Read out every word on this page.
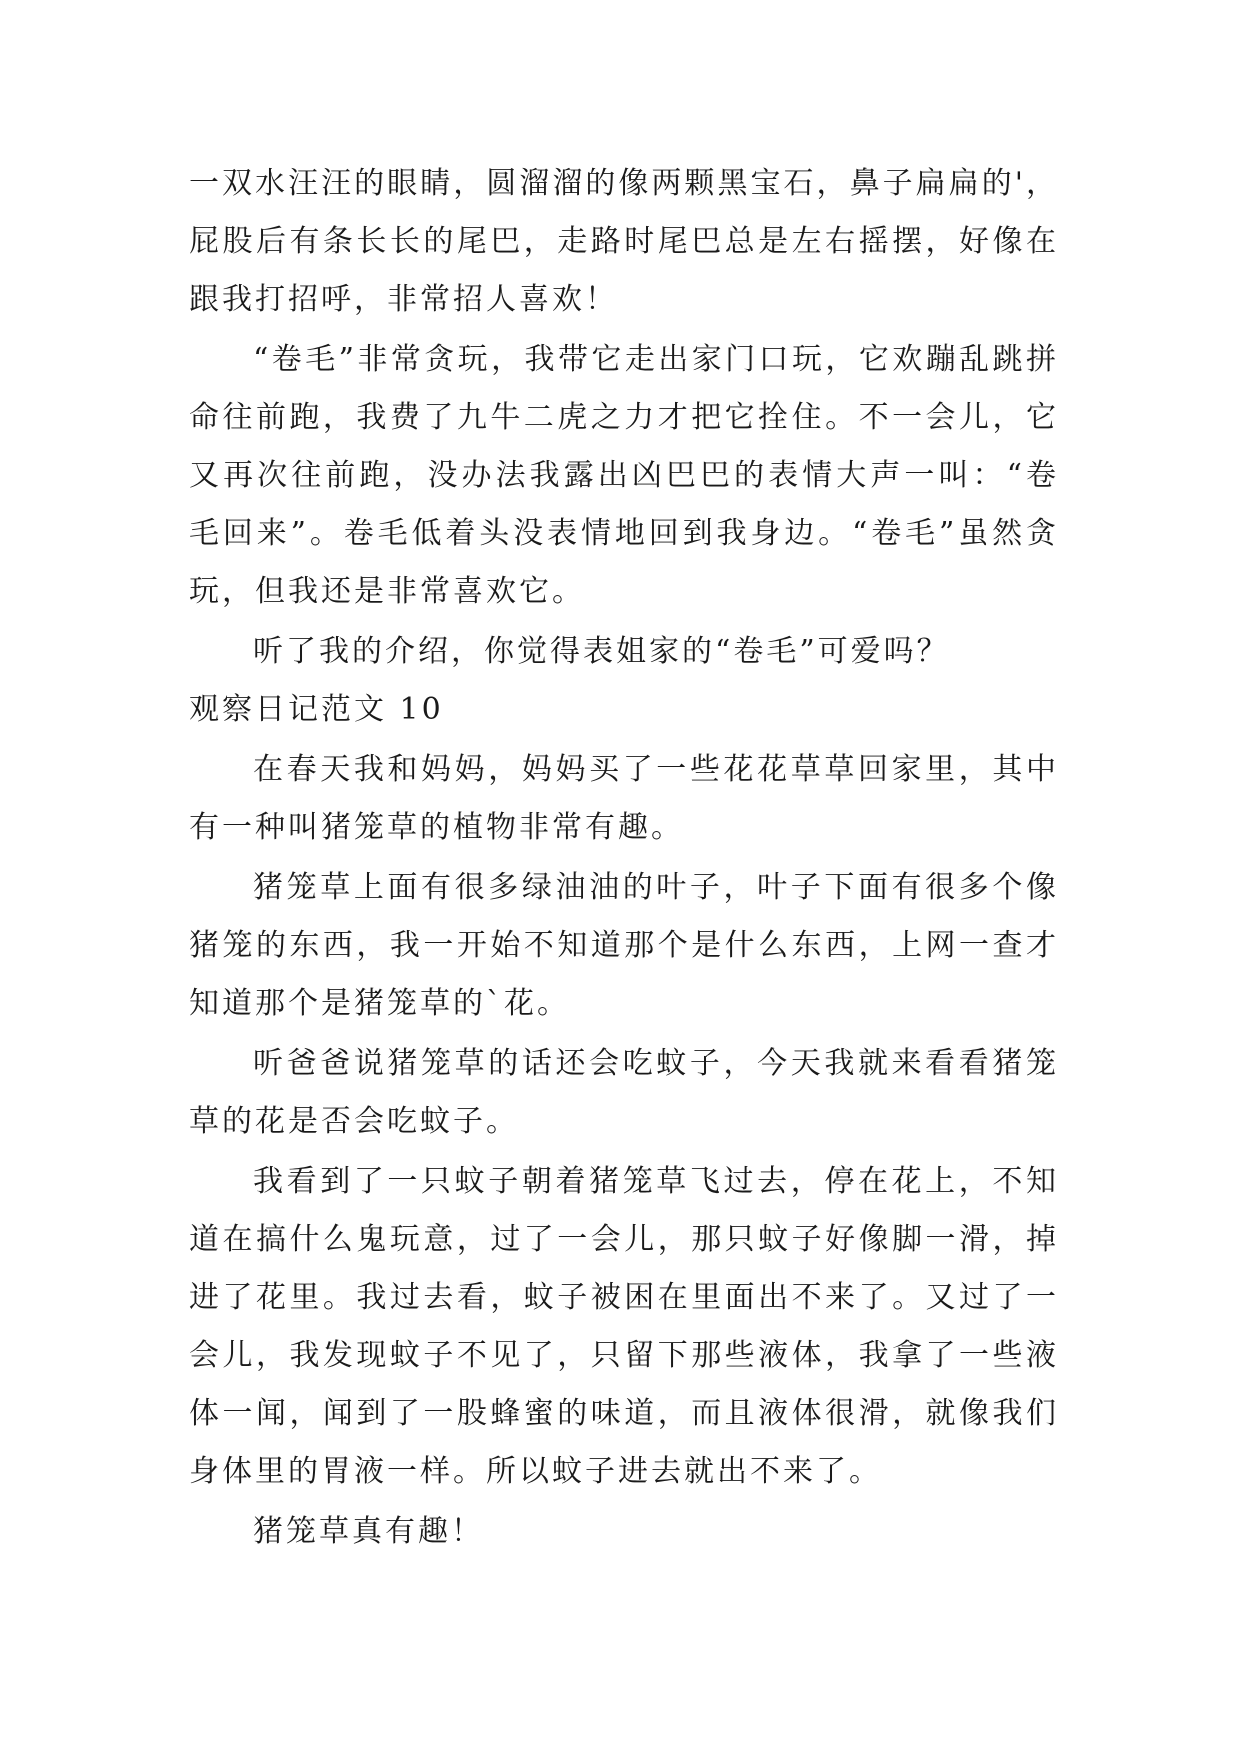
一双水汪汪的眼睛，圆溜溜的像两颗黑宝石，鼻子扁扁的'，屁股后有条长长的尾巴，走路时尾巴总是左右摇摆，好像在跟我打招呼，非常招人喜欢！

“卷毛”非常贪玩，我带它走出家门口玩，它欢蹦乱跳拼命往前跑，我费了九牛二虎之力才把它拴住。不一会儿，它又再次往前跑，没办法我露出凶巴巴的表情大声一叫：“卷毛回来”。卷毛低着头没表情地回到我身边。“卷毛”虽然贪玩，但我还是非常喜欢它。

听了我的介绍，你觉得表姐家的“卷毛”可爱吗？

观察日记范文 10

在春天我和妈妈，妈妈买了一些花花草草回家里，其中有一种叫猪笼草的植物非常有趣。

猪笼草上面有很多绿油油的叶子，叶子下面有很多个像猪笼的东西，我一开始不知道那个是什么东西，上网一查才知道那个是猪笼草的`花。

听爸爸说猪笼草的话还会吃蚊子，今天我就来看看猪笼草的花是否会吃蚊子。

我看到了一只蚊子朝着猪笼草飞过去，停在花上，不知道在搞什么鬼玩意，过了一会儿，那只蚊子好像脚一滑，掉进了花里。我过去看，蚊子被困在里面出不来了。又过了一会儿，我发现蚊子不见了，只留下那些液体，我拿了一些液体一闻，闻到了一股蜂蜜的味道，而且液体很滑，就像我们身体里的胃液一样。所以蚊子进去就出不来了。

猪笼草真有趣！
